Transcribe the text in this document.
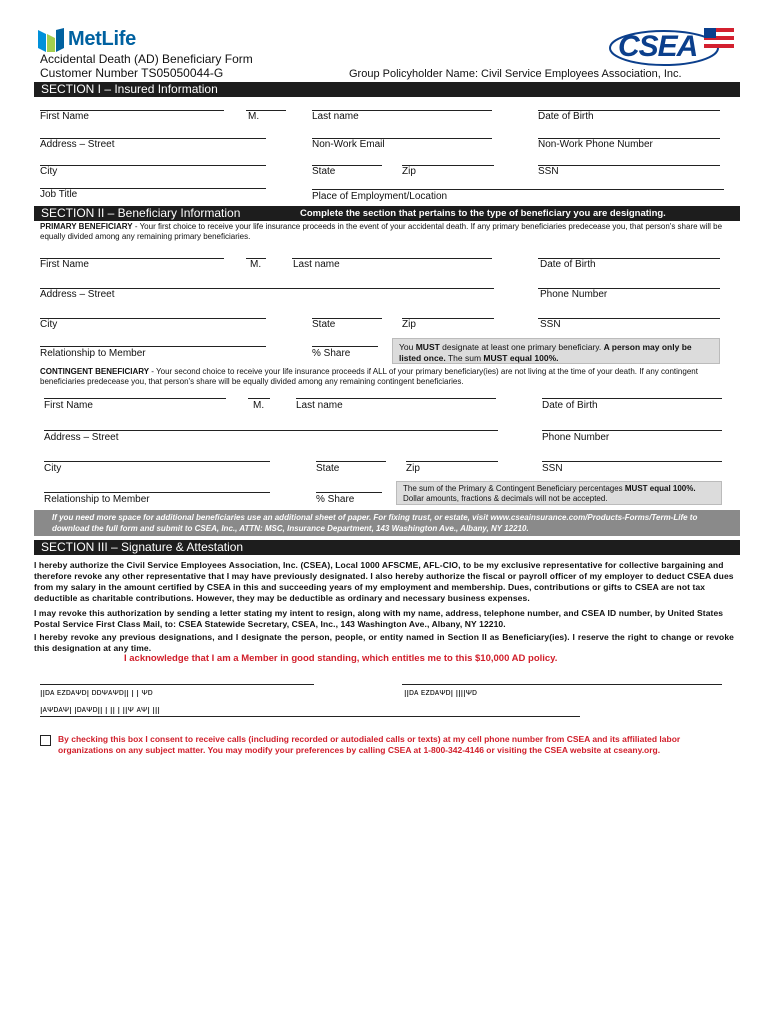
MetLife	CSEA
Accidental Death (AD) Beneficiary Form
Customer Number TS05050044-G	Group Policyholder Name: Civil Service Employees Association, Inc.
SECTION I – Insured Information
First Name	M.	Last name	Date of Birth
Address – Street	Non-Work Email	Non-Work Phone Number
City	State	Zip	SSN
Job Title	Place of Employment/Location
SECTION II – Beneficiary Information	Complete the section that pertains to the type of beneficiary you are designating.
PRIMARY BENEFICIARY - Your first choice to receive your life insurance proceeds in the event of your accidental death. If any primary beneficiaries predecease you, that person's share will be equally divided among any remaining primary beneficiaries.
First Name	M.	Last name	Date of Birth
Address – Street	Phone Number
City	State	Zip	SSN
Relationship to Member	% Share
You MUST designate at least one primary beneficiary. A person may only be listed once. The sum MUST equal 100%.
CONTINGENT BENEFICIARY - Your second choice to receive your life insurance proceeds if ALL of your primary beneficiary(ies) are not living at the time of your death. If any contingent beneficiaries predecease you, that person's share will be equally divided among any remaining contingent beneficiaries.
First Name	M.	Last name	Date of Birth
Address – Street	Phone Number
City	State	Zip	SSN
Relationship to Member	% Share
The sum of the Primary & Contingent Beneficiary percentages MUST equal 100%. Dollar amounts, fractions & decimals will not be accepted.
If you need more space for additional beneficiaries use an additional sheet of paper. For fixing trust, or estate, visit www.cseainsurance.com/Products-Forms/Term-Life to download the full form and submit to CSEA, Inc., ATTN: MSC, Insurance Department, 143 Washington Ave., Albany, NY 12210.
SECTION III – Signature & Attestation
I hereby authorize the Civil Service Employees Association, Inc. (CSEA), Local 1000 AFSCME, AFL-CIO, to be my exclusive representative for collective bargaining and therefore revoke any other representative that I may have previously designated. I also hereby authorize the fiscal or payroll officer of my employer to deduct CSEA dues from my salary in the amount certified by CSEA in this and succeeding years of my employment and membership. Dues, contributions or gifts to CSEA are not tax deductible as charitable contributions. However, they may be deductible as ordinary and necessary business expenses.
I may revoke this authorization by sending a letter stating my intent to resign, along with my name, address, telephone number, and CSEA ID number, by United States Postal Service First Class Mail, to: CSEA Statewide Secretary, CSEA, Inc., 143 Washington Ave., Albany, NY 12210.
I hereby revoke any previous designations, and I designate the person, people, or entity named in Section II as Beneficiary(ies). I reserve the right to change or revoke this designation at any time.
I acknowledge that I am a Member in good standing, which entitles me to this $10,000 AD policy.
ꞁꞁᴅᴀ ᴇᴢᴅᴀᴪᴅꞁ ᴅᴅᴪᴀᴪᴅꞁꞁ ꞁ ꞁ ᴪᴅ	ꞁꞁᴅᴀ ᴇᴢᴅᴀᴪᴅꞁ ꞁꞁꞁꞁᴪᴅ
ꞁᴀᴪᴅᴀᴪꞁ ꞁᴅᴀᴪᴅꞁꞁ ꞁ ꞁꞁ ꞁ ꞁꞁᴪ ᴀᴪꞁ ꞁꞁꞁ
By checking this box I consent to receive calls (including recorded or autodialed calls or texts) at my cell phone number from CSEA and its affiliated labor organizations on any subject matter. You may modify your preferences by calling CSEA at 1-800-342-4146 or visiting the CSEA website at cseany.org.
